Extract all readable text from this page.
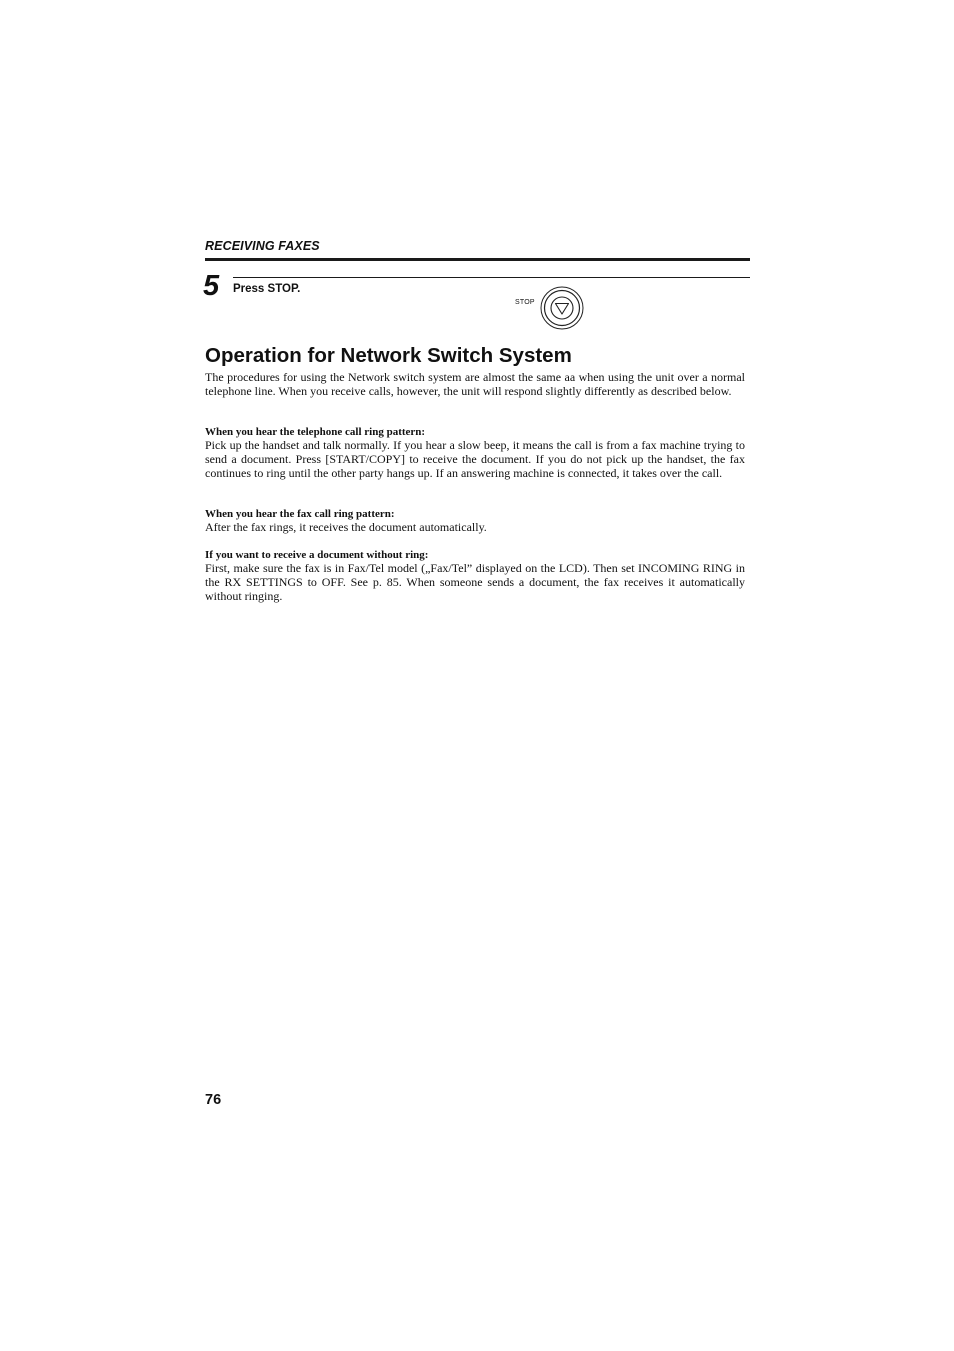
RECEIVING FAXES
5 Press STOP.
STOP
Operation for Network Switch System

The procedures for using the Network switch system are almost the same aa when using the unit over a normal telephone line. When you receive calls, however, the unit will respond slightly differently as described below.

When you hear the telephone call ring pattern:

Pick up the handset and talk normally. If you hear a slow beep, it means the call is from a fax machine trying to send a document. Press [START/COPY] to receive the document. If you do not pick up the handset, the fax continues to ring until the other party hangs up. If an answering machine is connected, it takes over the call.

When you hear the fax call ring pattern:

After the fax rings, it receives the document automatically.

If you want to receive a document without ring:

First, make sure the fax is in Fax/Tel model („Fax/Tel” displayed on the LCD). Then set INCOMING RING in the RX SETTINGS to OFF. See p. 85. When someone sends a document, the fax receives it automatically without ringing.

76
